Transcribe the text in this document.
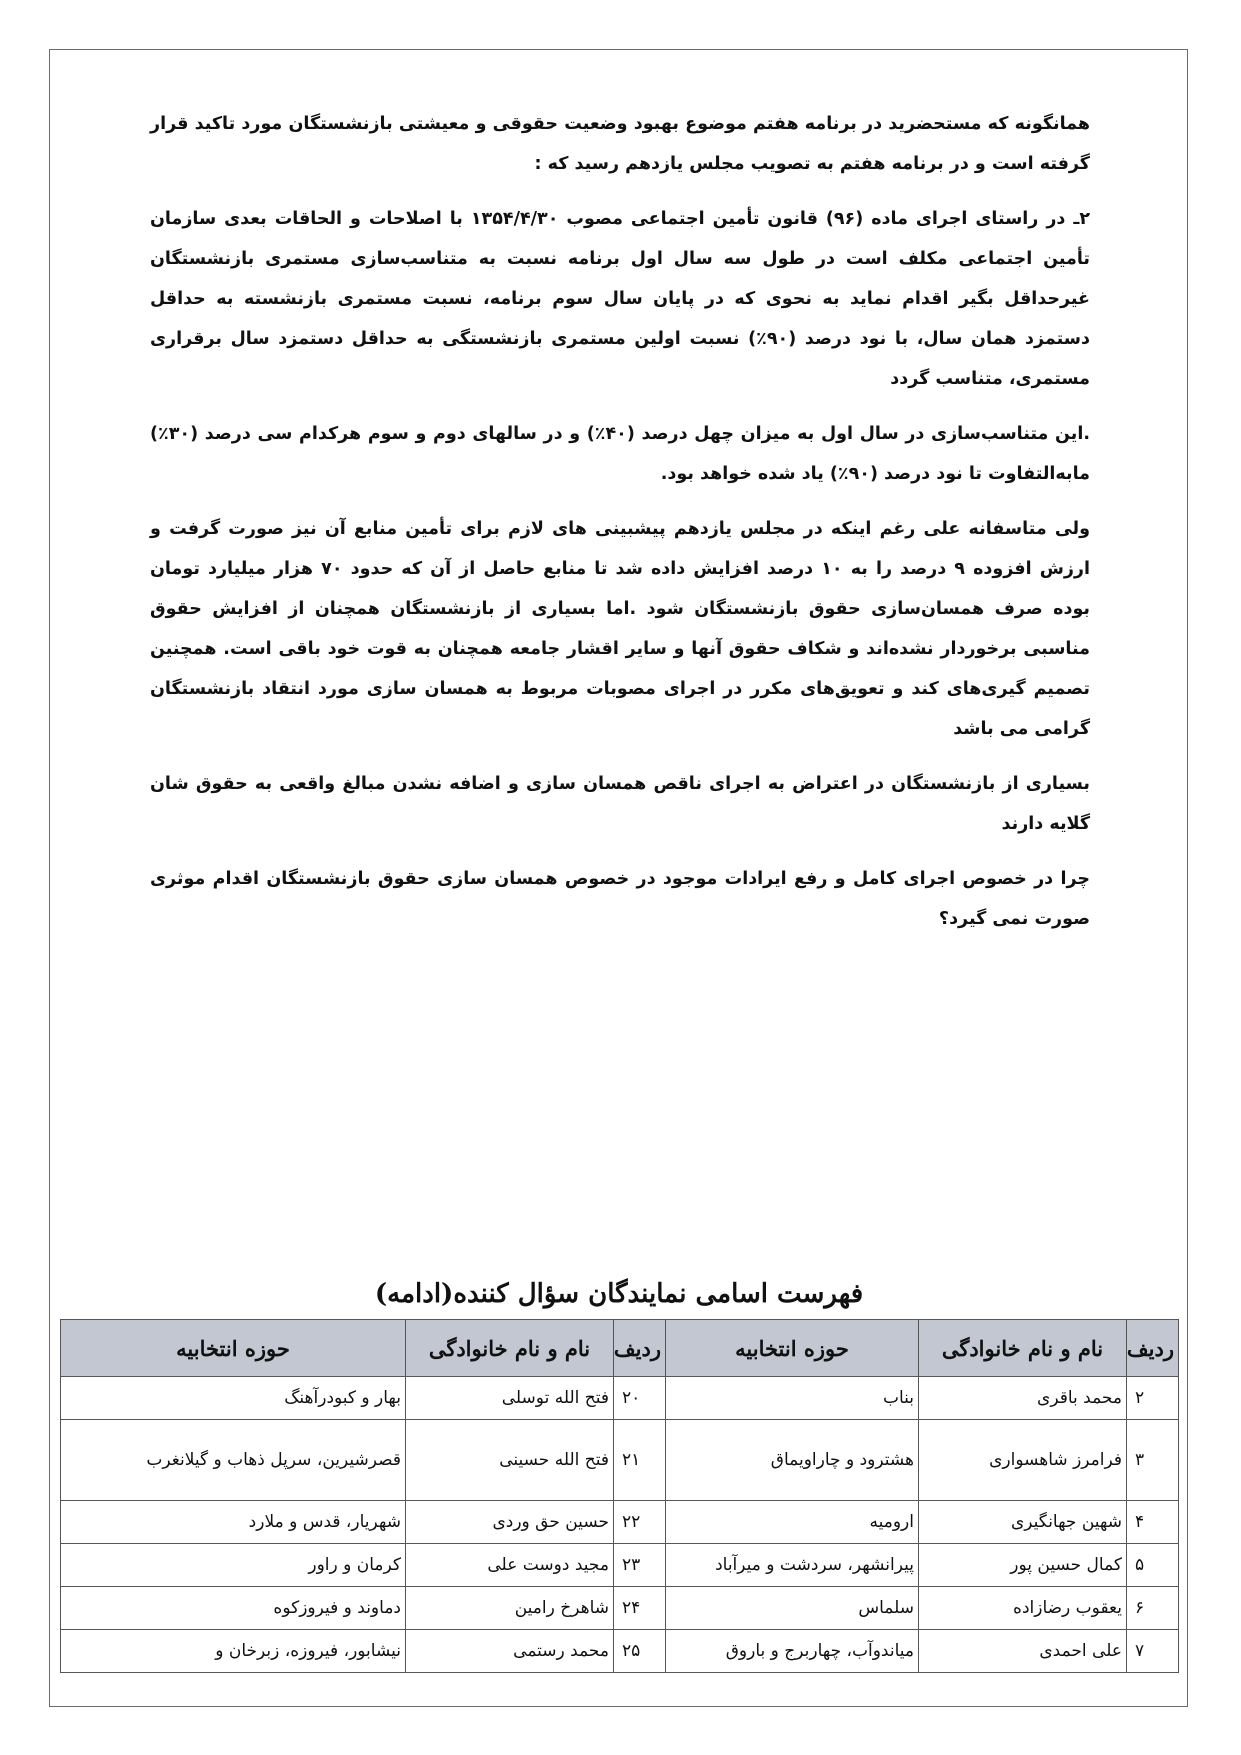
همانگونه که مستحضرید در برنامه هفتم موضوع بهبود وضعیت حقوقی و معیشتی بازنشستگان مورد تاکید قرار گرفته است و در برنامه هفتم به تصویب مجلس یازدهم رسید که :

۲ـ در راستای اجرای ماده (۹۶) قانون تأمین اجتماعی مصوب ۱۳۵۴/۴/۳۰ با اصلاحات و الحاقات بعدی سازمان تأمین اجتماعی مکلف است در طول سه سال اول برنامه نسبت به متناسب‌سازی مستمری بازنشستگان غیرحداقل بگیر اقدام نماید به نحوی که در پایان سال سوم برنامه، نسبت مستمری بازنشسته به حداقل دستمزد همان سال، با نود درصد (۹۰٪) نسبت اولین مستمری بازنشستگی به حداقل دستمزد سال برقراری مستمری، متناسب گردد

.این متناسب‌سازی در سال اول به میزان چهل درصد (۴۰٪) و در سالهای دوم و سوم هرکدام سی درصد (۳۰٪) مابه‌التفاوت تا نود درصد (۹۰٪) یاد شده خواهد بود.

ولی متاسفانه علی رغم اینکه در مجلس یازدهم پیشبینی های لازم برای تأمین منابع آن نیز صورت گرفت و ارزش افزوده ۹ درصد را به ۱۰ درصد افزایش داده شد تا منابع حاصل از آن که حدود ۷۰ هزار میلیارد تومان بوده صرف همسان‌سازی حقوق بازنشستگان شود .اما بسیاری از بازنشستگان همچنان از افزایش حقوق مناسبی برخوردار نشده‌اند و شکاف حقوق آنها و سایر اقشار جامعه همچنان به قوت خود باقی است. همچنین تصمیم گیری‌های کند و تعویق‌های مکرر در اجرای مصوبات مربوط به همسان سازی مورد انتقاد بازنشستگان گرامی می باشد

بسیاری از بازنشستگان در اعتراض به اجرای ناقص همسان سازی و اضافه نشدن مبالغ واقعی به حقوق شان گلایه دارند

چرا در خصوص اجرای کامل و رفع ایرادات موجود در خصوص همسان سازی حقوق بازنشستگان اقدام موثری صورت نمی گیرد؟

فهرست اسامی نمایندگان سؤال کننده(ادامه)
ردیف	نام و نام خانوادگی	حوزه انتخابیه	ردیف	نام و نام خانوادگی	حوزه انتخابیه
۲	محمد باقری	بناب	۲۰	فتح الله توسلی	بهار و کبودرآهنگ
۳	فرامرز شاهسواری	هشترود و چاراویماق	۲۱	فتح الله حسینی	قصرشیرین، سرپل ذهاب و گیلانغرب
۴	شهین جهانگیری	ارومیه	۲۲	حسین حق وردی	شهریار، قدس و ملارد
۵	کمال حسین پور	پیرانشهر، سردشت و میرآباد	۲۳	مجید دوست علی	کرمان و راور
۶	یعقوب رضازاده	سلماس	۲۴	شاهرخ رامین	دماوند و فیروزکوه
۷	علی احمدی	میاندوآب، چهاربرج و باروق	۲۵	محمد رستمی	نیشابور، فیروزه، زبرخان و
